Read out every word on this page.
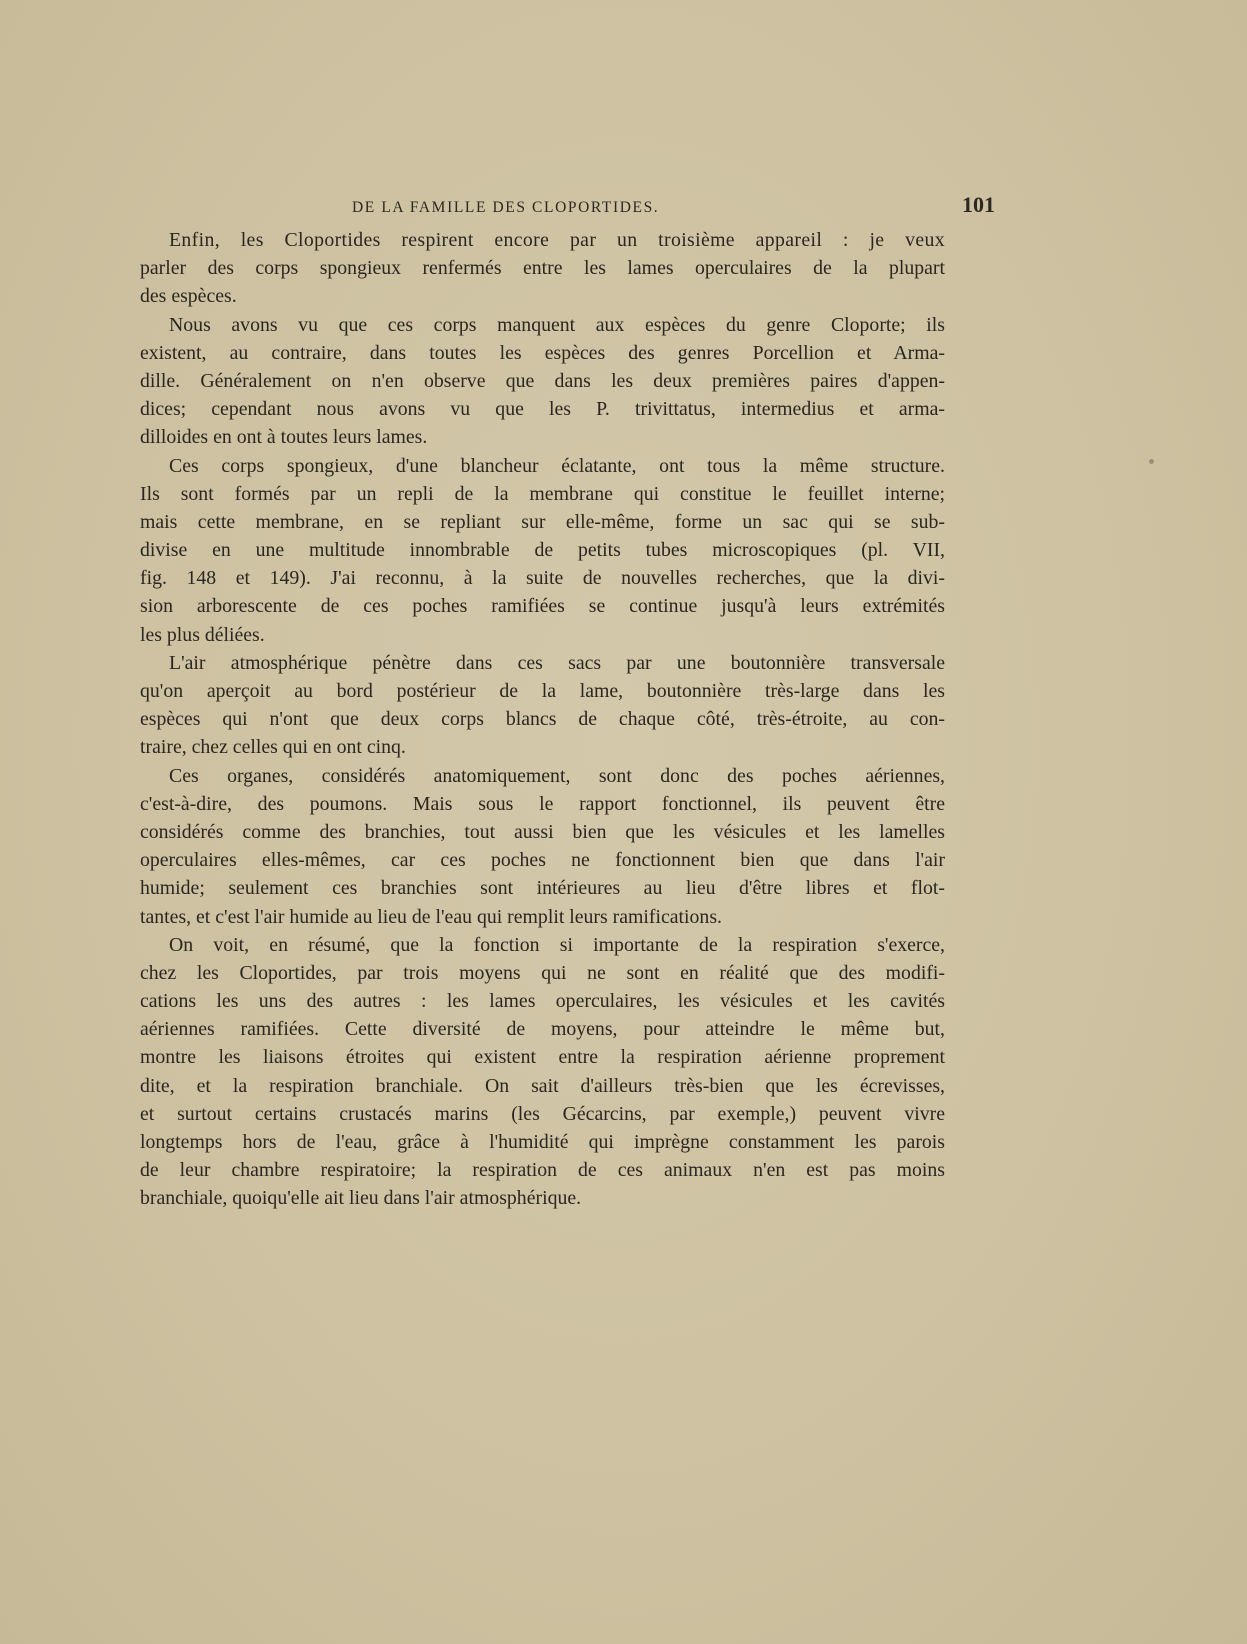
DE LA FAMILLE DES CLOPORTIDES.	101
Enfin, les Cloportides respirent encore par un troisième appareil : je veux
parler des corps spongieux renfermés entre les lames operculaires de la plupart
des espèces.
Nous avons vu que ces corps manquent aux espèces du genre Cloporte; ils
existent, au contraire, dans toutes les espèces des genres Porcellion et Arma-
dille. Généralement on n'en observe que dans les deux premières paires d'appen-
dices; cependant nous avons vu que les P. trivittatus, intermedius et arma-
dilloides en ont à toutes leurs lames.
Ces corps spongieux, d'une blancheur éclatante, ont tous la même structure.
Ils sont formés par un repli de la membrane qui constitue le feuillet interne;
mais cette membrane, en se repliant sur elle-même, forme un sac qui se sub-
divise en une multitude innombrable de petits tubes microscopiques (pl. VII,
fig. 148 et 149). J'ai reconnu, à la suite de nouvelles recherches, que la divi-
sion arborescente de ces poches ramifiées se continue jusqu'à leurs extrémités
les plus déliées.
L'air atmosphérique pénètre dans ces sacs par une boutonnière transversale
qu'on aperçoit au bord postérieur de la lame, boutonnière très-large dans les
espèces qui n'ont que deux corps blancs de chaque côté, très-étroite, au con-
traire, chez celles qui en ont cinq.
Ces organes, considérés anatomiquement, sont donc des poches aériennes,
c'est-à-dire, des poumons. Mais sous le rapport fonctionnel, ils peuvent être
considérés comme des branchies, tout aussi bien que les vésicules et les lamelles
operculaires elles-mêmes, car ces poches ne fonctionnent bien que dans l'air
humide; seulement ces branchies sont intérieures au lieu d'être libres et flot-
tantes, et c'est l'air humide au lieu de l'eau qui remplit leurs ramifications.
On voit, en résumé, que la fonction si importante de la respiration s'exerce,
chez les Cloportides, par trois moyens qui ne sont en réalité que des modifi-
cations les uns des autres : les lames operculaires, les vésicules et les cavités
aériennes ramifiées. Cette diversité de moyens, pour atteindre le même but,
montre les liaisons étroites qui existent entre la respiration aérienne proprement
dite, et la respiration branchiale. On sait d'ailleurs très-bien que les écrevisses,
et surtout certains crustacés marins (les Gécarcins, par exemple,) peuvent vivre
longtemps hors de l'eau, grâce à l'humidité qui imprègne constamment les parois
de leur chambre respiratoire; la respiration de ces animaux n'en est pas moins
branchiale, quoiqu'elle ait lieu dans l'air atmosphérique.
